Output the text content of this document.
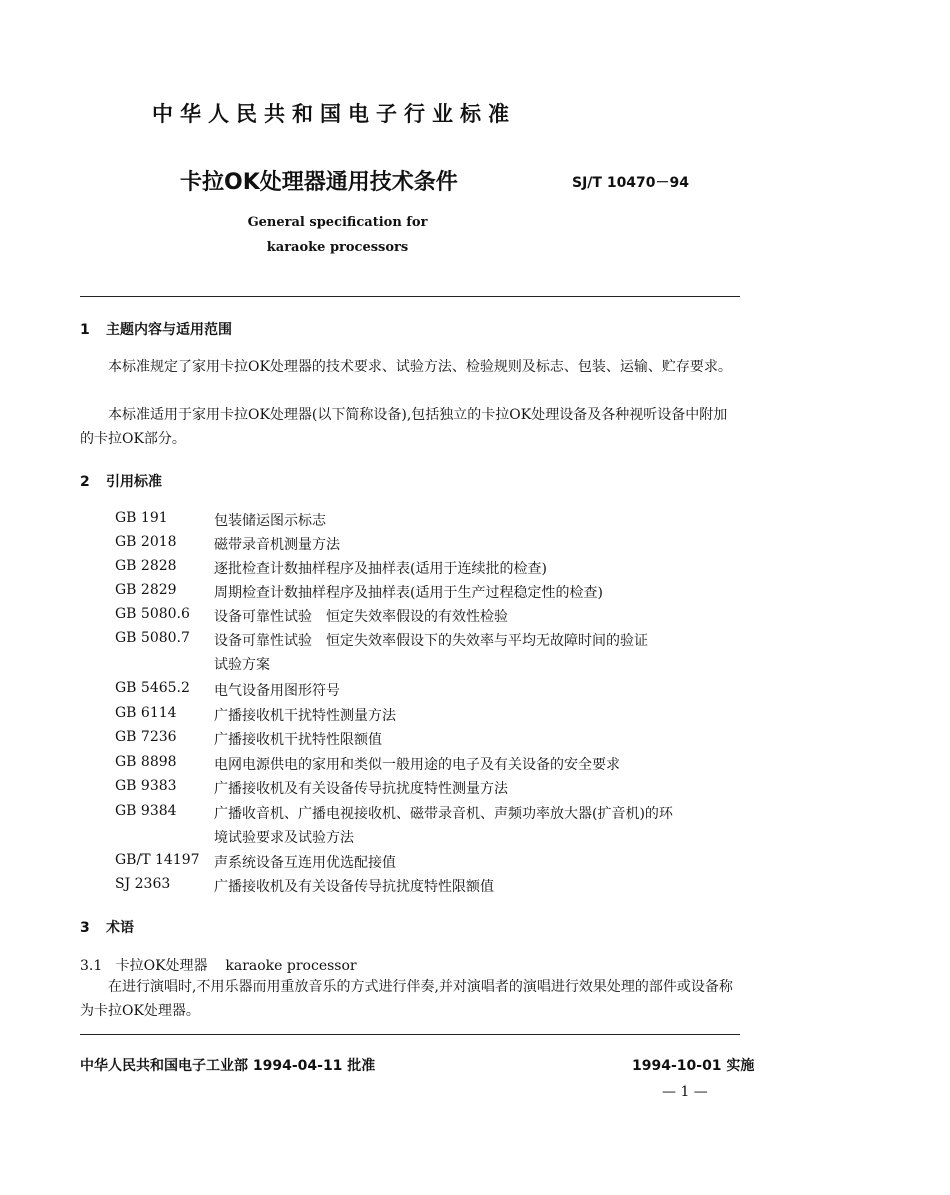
中华人民共和国电子行业标准
卡拉OK处理器通用技术条件	SJ/T 10470－94
General specification for
karaoke processors
1 主题内容与适用范围
本标准规定了家用卡拉OK处理器的技术要求、试验方法、检验规则及标志、包装、运输、贮存要求。
本标准适用于家用卡拉OK处理器(以下简称设备),包括独立的卡拉OK处理设备及各种视听设备中附加的卡拉OK部分。
2 引用标准
GB 191	包装储运图示标志
GB 2018	磁带录音机测量方法
GB 2828	逐批检查计数抽样程序及抽样表(适用于连续批的检查)
GB 2829	周期检查计数抽样程序及抽样表(适用于生产过程稳定性的检查)
GB 5080.6 设备可靠性试验　恒定失效率假设的有效性检验
GB 5080.7 设备可靠性试验　恒定失效率假设下的失效率与平均无故障时间的验证
试验方案
GB 5465.2 电气设备用图形符号
GB 6114	广播接收机干扰特性测量方法
GB 7236	广播接收机干扰特性限额值
GB 8898	电网电源供电的家用和类似一般用途的电子及有关设备的安全要求
GB 9383	广播接收机及有关设备传导抗扰度特性测量方法
GB 9384	广播收音机、广播电视接收机、磁带录音机、声频功率放大器(扩音机)的环
境试验要求及试验方法
GB/T 14197 声系统设备互连用优选配接值
SJ 2363	广播接收机及有关设备传导抗扰度特性限额值
3 术语
3.1 卡拉OK处理器 karaoke processor
在进行演唱时,不用乐器而用重放音乐的方式进行伴奏,并对演唱者的演唱进行效果处理的部件或设备称为卡拉OK处理器。
中华人民共和国电子工业部 1994-04-11 批准	1994-10-01 实施
— 1 —
